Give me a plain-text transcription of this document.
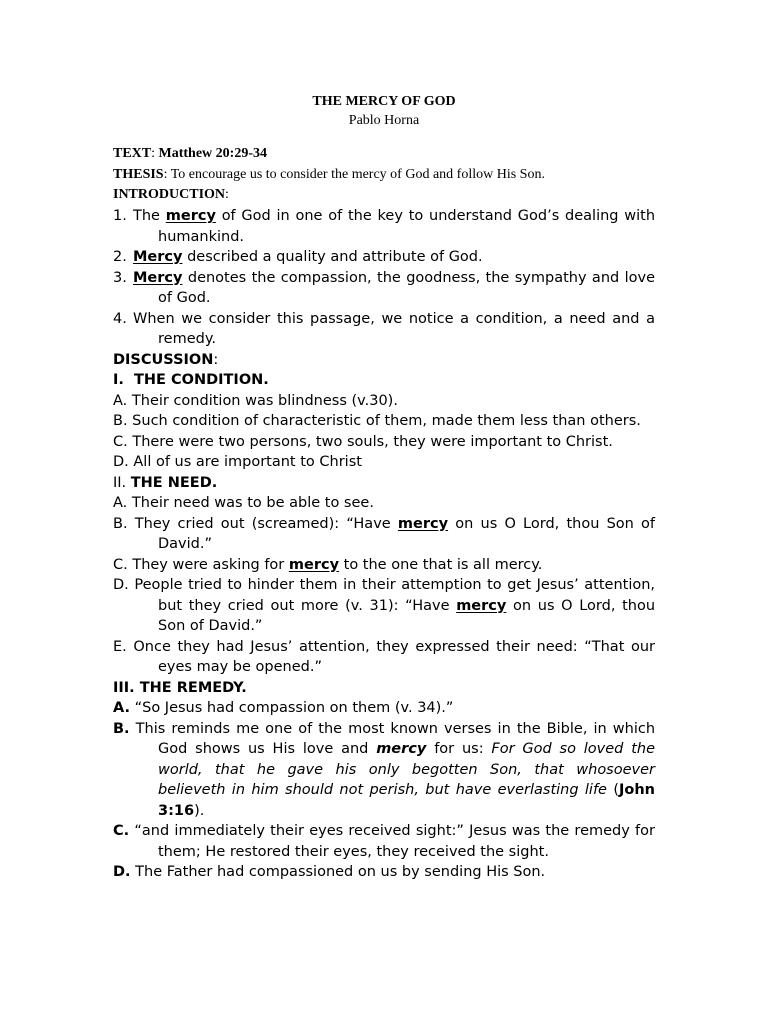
THE MERCY OF GOD
Pablo Horna
TEXT: Matthew 20:29-34
THESIS: To encourage us to consider the mercy of God and follow His Son.
INTRODUCTION:

1. The mercy of God in one of the key to understand God’s dealing with humankind.

2. Mercy described a quality and attribute of God.

3. Mercy denotes the compassion, the goodness, the sympathy and love of God.

4. When we consider this passage, we notice a condition, a need and a remedy.

DISCUSSION:

I. THE CONDITION.

A. Their condition was blindness (v.30).

B. Such condition of characteristic of them, made them less than others.

C. There were two persons, two souls, they were important to Christ.

D. All of us are important to Christ

II. THE NEED.

A. Their need was to be able to see.

B. They cried out (screamed): “Have mercy on us O Lord, thou Son of David.”

C. They were asking for mercy to the one that is all mercy.

D. People tried to hinder them in their attemption to get Jesus’ attention, but they cried out more (v. 31): “Have mercy on us O Lord, thou Son of David.”

E. Once they had Jesus’ attention, they expressed their need: “That our eyes may be opened.”

III. THE REMEDY.

A. “So Jesus had compassion on them (v. 34).”

B. This reminds me one of the most known verses in the Bible, in which God shows us His love and mercy for us: For God so loved the world, that he gave his only begotten Son, that whosoever believeth in him should not perish, but have everlasting life (John 3:16).

C. “and immediately their eyes received sight:” Jesus was the remedy for them; He restored their eyes, they received the sight.

D. The Father had compassioned on us by sending His Son.
